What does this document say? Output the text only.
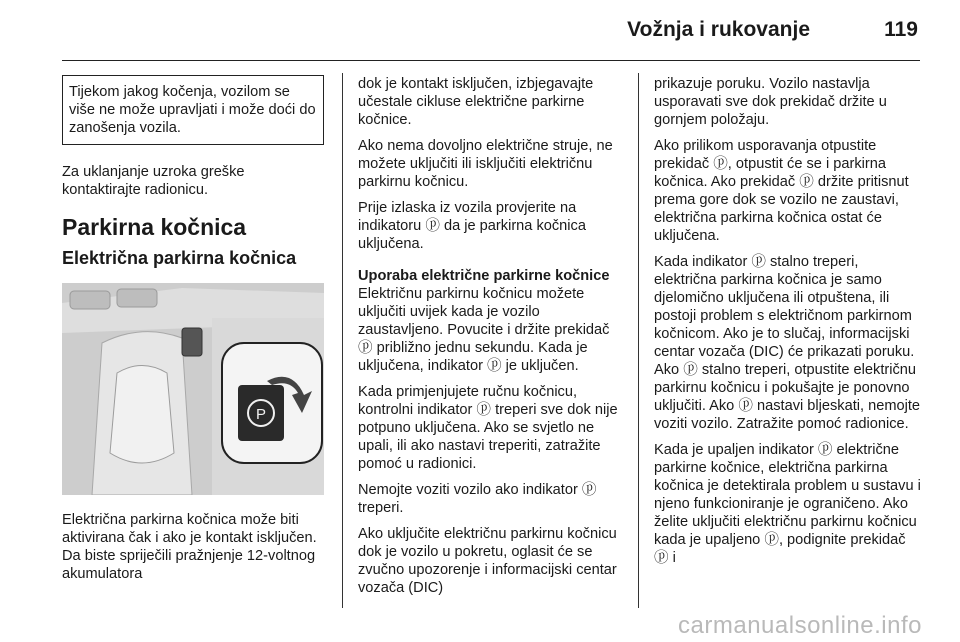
Vožnja i rukovanje	119

Tijekom jakog kočenja, vozilom se više ne može upravljati i može doći do zanošenja vozila.

Za uklanjanje uzroka greške kontaktirajte radionicu.

Parkirna kočnica
Električna parkirna kočnica
P

Električna parkirna kočnica može biti aktivirana čak i ako je kontakt isključen. Da biste spriječili pražnjenje 12-voltnog akumulatora

dok je kontakt isključen, izbjegavajte učestale cikluse električne parkirne kočnice.

Ako nema dovoljno električne struje, ne možete uključiti ili isključiti električnu parkirnu kočnicu.

Prije izlaska iz vozila provjerite na indikatoru ⓟ da je parkirna kočnica uključena.

Uporaba električne parkirne kočnice

Električnu parkirnu kočnicu možete uključiti uvijek kada je vozilo zaustavljeno. Povucite i držite prekidač ⓟ približno jednu sekundu. Kada je uključena, indikator ⓟ je uključen.

Kada primjenjujete ručnu kočnicu, kontrolni indikator ⓟ treperi sve dok nije potpuno uključena. Ako se svjetlo ne upali, ili ako nastavi treperiti, zatražite pomoć u radionici.

Nemojte voziti vozilo ako indikator ⓟ treperi.

Ako uključite električnu parkirnu kočnicu dok je vozilo u pokretu, oglasit će se zvučno upozorenje i informacijski centar vozača (DIC)

prikazuje poruku. Vozilo nastavlja usporavati sve dok prekidač držite u gornjem položaju.

Ako prilikom usporavanja otpustite prekidač ⓟ, otpustit će se i parkirna kočnica. Ako prekidač ⓟ držite pritisnut prema gore dok se vozilo ne zaustavi, električna parkirna kočnica ostat će uključena.

Kada indikator ⓟ stalno treperi, električna parkirna kočnica je samo djelomično uključena ili otpuštena, ili postoji problem s električnom parkirnom kočnicom. Ako je to slučaj, informacijski centar vozača (DIC) će prikazati poruku. Ako ⓟ stalno treperi, otpustite električnu parkirnu kočnicu i pokušajte je ponovno uključiti. Ako ⓟ nastavi bljeskati, nemojte voziti vozilo. Zatražite pomoć radionice.

Kada je upaljen indikator ⓟ električne parkirne kočnice, električna parkirna kočnica je detektirala problem u sustavu i njeno funkcioniranje je ograničeno. Ako želite uključiti električnu parkirnu kočnicu kada je upaljeno ⓟ, podignite prekidač ⓟ i

carmanualsonline.info
